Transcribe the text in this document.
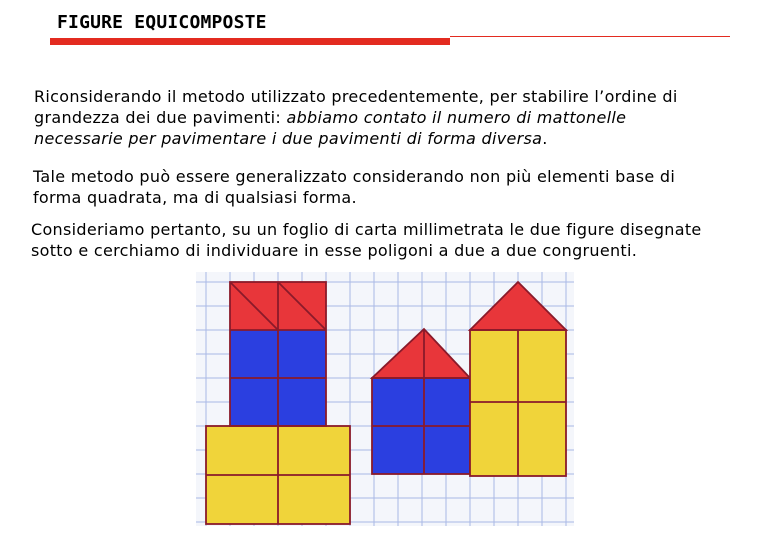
FIGURE EQUICOMPOSTE

Riconsiderando il metodo utilizzato precedentemente, per stabilire l’ordine di
grandezza dei due pavimenti: abbiamo contato il numero di mattonelle
necessarie per pavimentare i due pavimenti di forma diversa.

Tale metodo può essere generalizzato considerando non più elementi base di
forma quadrata, ma di qualsiasi forma.

Consideriamo pertanto, su un foglio di carta millimetrata le due figure disegnate
sotto e cerchiamo di individuare in esse poligoni a due a due congruenti.
